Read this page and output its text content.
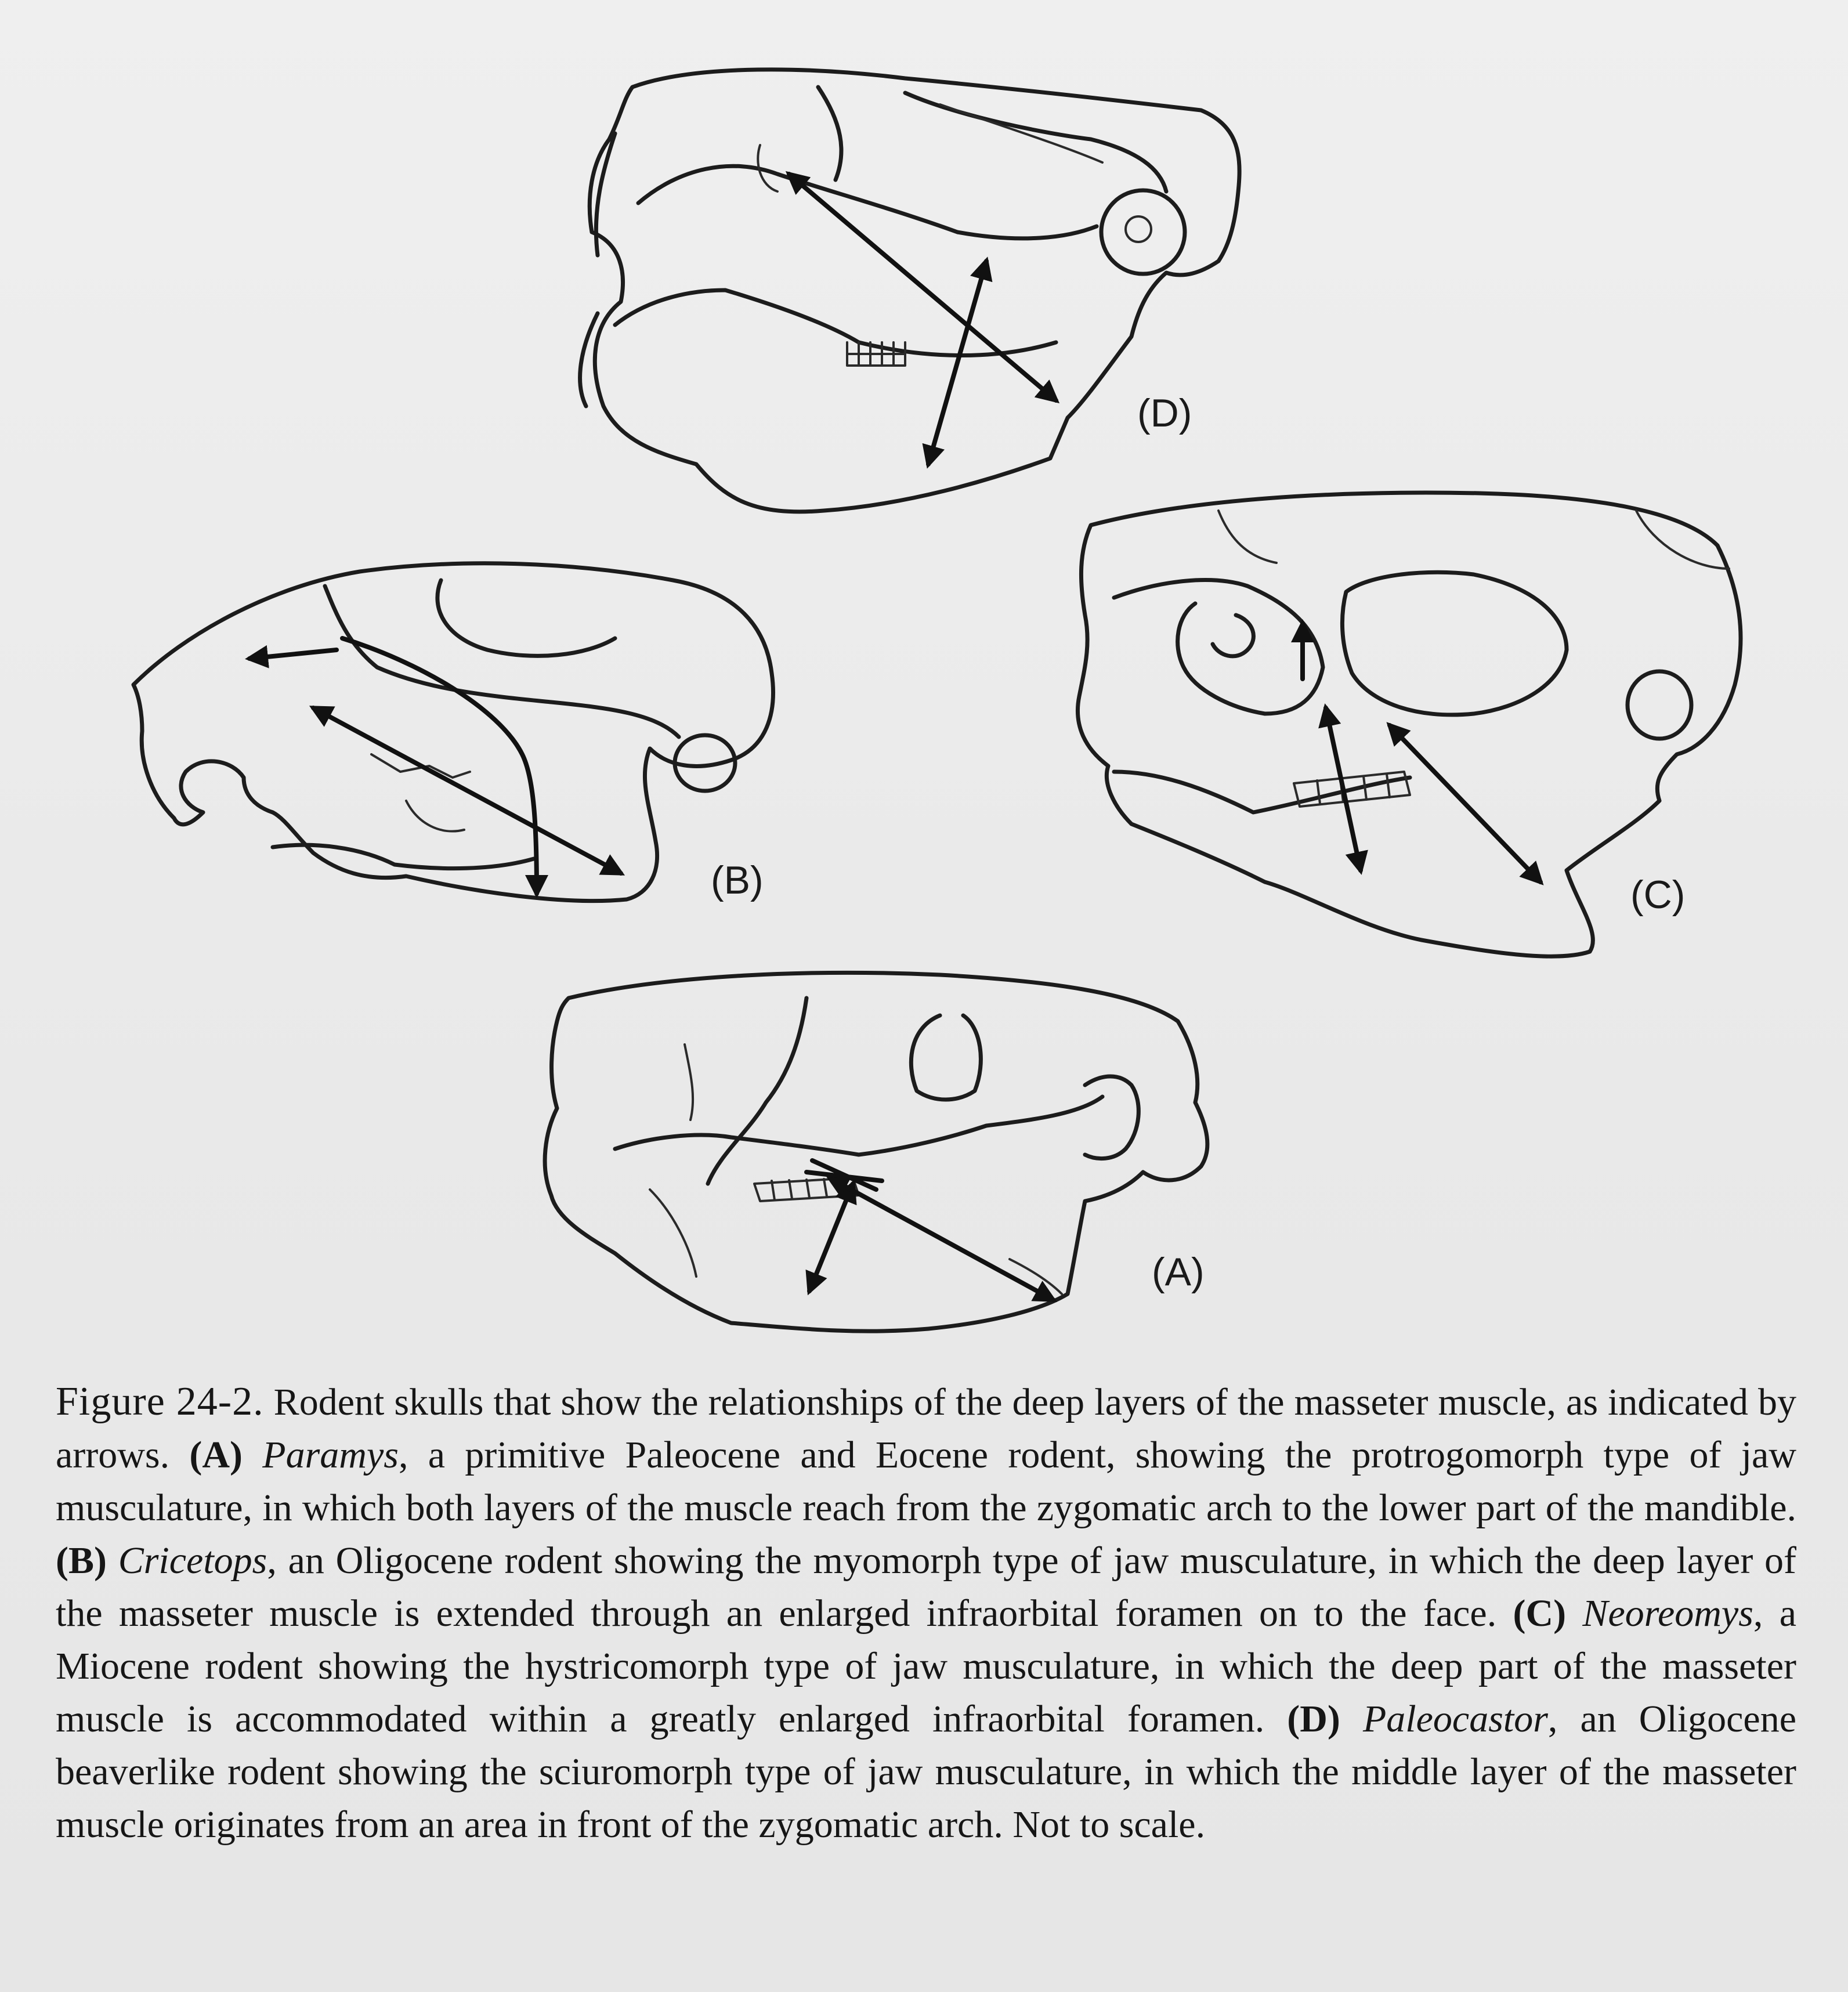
(D)
(B)	(C)
(A)
Figure 24-2. Rodent skulls that show the relationships of the deep layers of the masseter muscle, as indicated by arrows. (A) Paramys, a primitive Paleocene and Eocene rodent, showing the protrogomorph type of jaw musculature, in which both layers of the muscle reach from the zygomatic arch to the lower part of the mandible. (B) Cricetops, an Oligocene rodent showing the myomorph type of jaw musculature, in which the deep layer of the masseter muscle is extended through an enlarged infraorbital foramen on to the face. (C) Neoreomys, a Miocene rodent showing the hystricomorph type of jaw musculature, in which the deep part of the masseter muscle is accommodated within a greatly enlarged infraorbital foramen. (D) Paleocastor, an Oligocene beaverlike rodent showing the sciuromorph type of jaw musculature, in which the middle layer of the masseter muscle originates from an area in front of the zygomatic arch. Not to scale.
